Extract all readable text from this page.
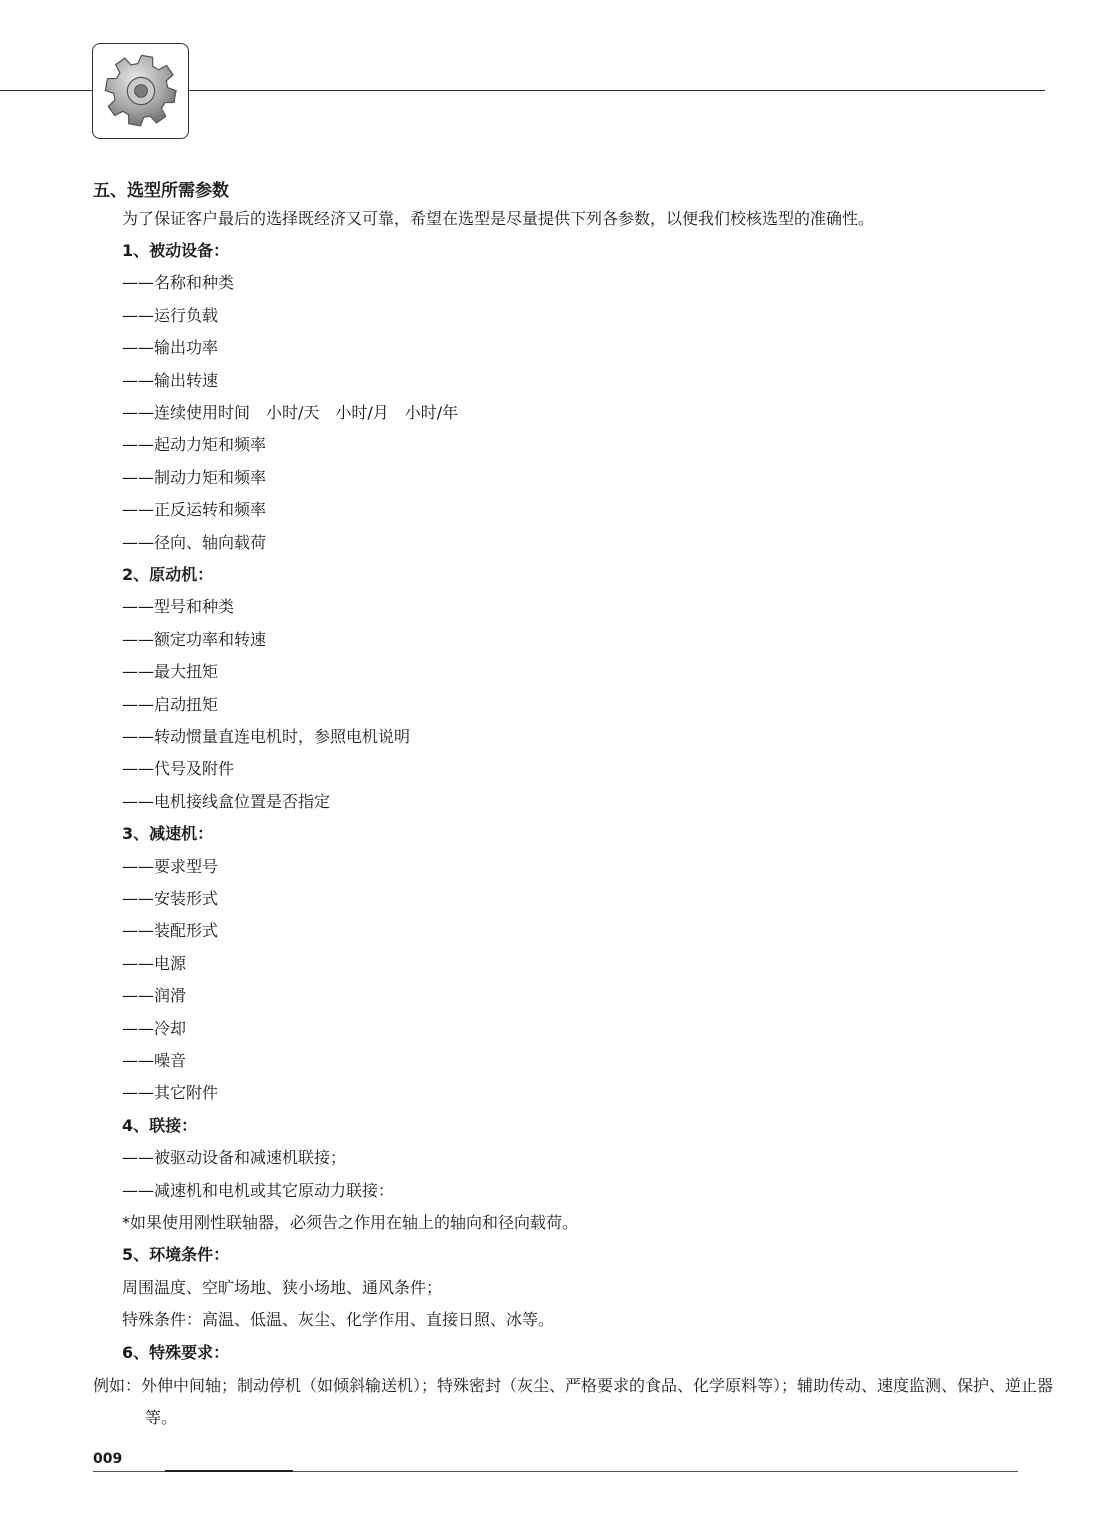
五、选型所需参数
为了保证客户最后的选择既经济又可靠，希望在选型是尽量提供下列各参数，以便我们校核选型的准确性。
1、被动设备：
——名称和种类
——运行负载
——输出功率
——输出转速
——连续使用时间　小时/天　小时/月　小时/年
——起动力矩和频率
——制动力矩和频率
——正反运转和频率
——径向、轴向载荷
2、原动机：
——型号和种类
——额定功率和转速
——最大扭矩
——启动扭矩
——转动惯量直连电机时，参照电机说明
——代号及附件
——电机接线盒位置是否指定
3、减速机：
——要求型号
——安装形式
——装配形式
——电源
——润滑
——冷却
——噪音
——其它附件
4、联接：
——被驱动设备和减速机联接；
——减速机和电机或其它原动力联接：
*如果使用刚性联轴器，必须告之作用在轴上的轴向和径向载荷。
5、环境条件：
周围温度、空旷场地、狭小场地、通风条件；
特殊条件：高温、低温、灰尘、化学作用、直接日照、冰等。
6、特殊要求：
例如：外伸中间轴；制动停机（如倾斜输送机）；特殊密封（灰尘、严格要求的食品、化学原料等）；辅助传动、速度监测、保护、逆止器等。
009
